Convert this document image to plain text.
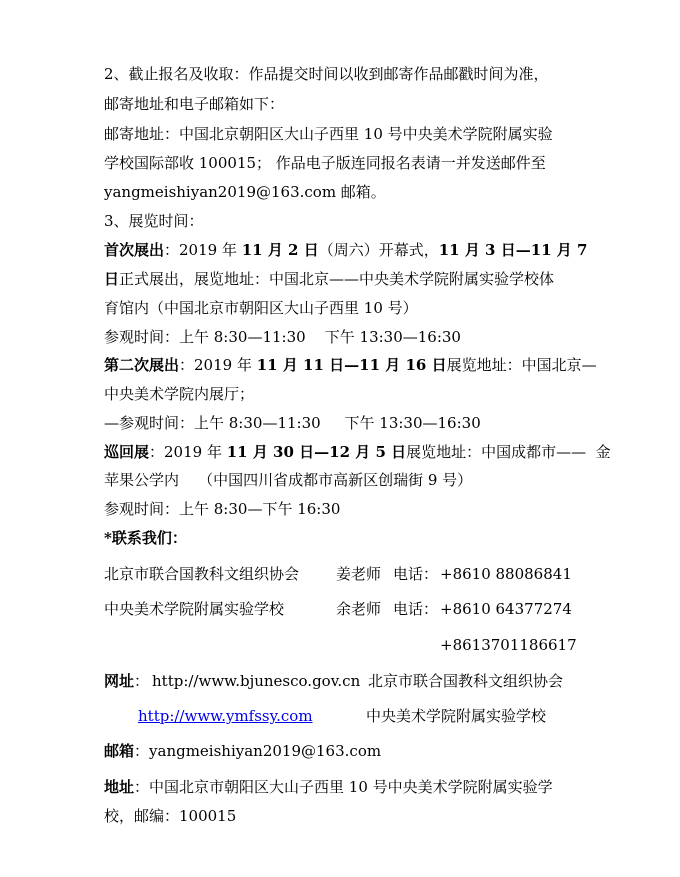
2、截止报名及收取：作品提交时间以收到邮寄作品邮戳时间为准，
邮寄地址和电子邮箱如下：
邮寄地址：中国北京朝阳区大山子西里 10 号中央美术学院附属实验
学校国际部收 100015； 作品电子版连同报名表请一并发送邮件至
yangmeishiyan2019@163.com 邮箱。
3、展览时间：
首次展出：2019 年 11 月 2 日（周六）开幕式，11 月 3 日—11 月 7
日正式展出，展览地址：中国北京——中央美术学院附属实验学校体
育馆内（中国北京市朝阳区大山子西里 10 号）
参观时间：上午 8:30—11:30    下午 13:30—16:30
第二次展出：2019 年 11 月 11 日—11 月 16 日展览地址：中国北京—
中央美术学院内展厅；
—参观时间：上午 8:30—11:30     下午 13:30—16:30
巡回展：2019 年 11 月 30 日—12 月 5 日展览地址：中国成都市——  金
苹果公学内    （中国四川省成都市高新区创瑞街 9 号）
参观时间：上午 8:30—下午 16:30
*联系我们：
北京市联合国教科文组织协会 姜老师 电话： +8610 88086841
中央美术学院附属实验学校	余老师 电话： +8610 64377274
+8613701186617
网址： http://www.bjunesco.gov.cn 北京市联合国教科文组织协会
http://www.ymfssy.com	中央美术学院附属实验学校
邮箱：yangmeishiyan2019@163.com
地址：中国北京市朝阳区大山子西里 10 号中央美术学院附属实验学
校，邮编：100015
